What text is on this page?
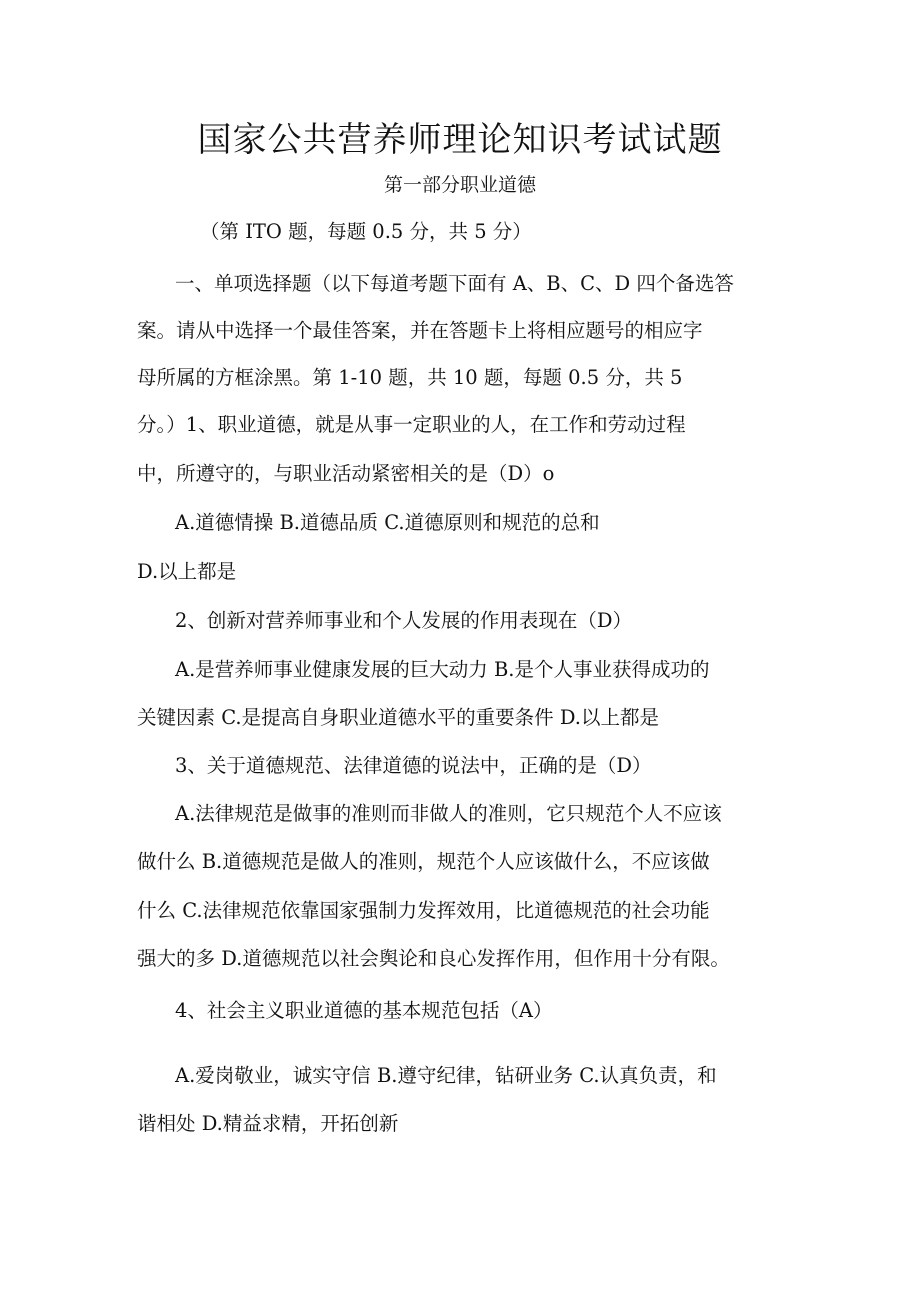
国家公共营养师理论知识考试试题

第一部分职业道德

（第 ITO 题，每题 0.5 分，共 5 分）

一、单项选择题（以下每道考题下面有 A、B、C、D 四个备选答

案。请从中选择一个最佳答案，并在答题卡上将相应题号的相应字

母所属的方框涂黑。第 1-10 题，共 10 题，每题 0.5 分，共 5

分。）1、职业道德，就是从事一定职业的人，在工作和劳动过程

中，所遵守的，与职业活动紧密相关的是（D）o

A.道德情操 B.道德品质 C.道德原则和规范的总和

D.以上都是

2、创新对营养师事业和个人发展的作用表现在（D）

A.是营养师事业健康发展的巨大动力 B.是个人事业获得成功的

关键因素 C.是提高自身职业道德水平的重要条件 D.以上都是

3、关于道德规范、法律道德的说法中，正确的是（D）

A.法律规范是做事的准则而非做人的准则，它只规范个人不应该

做什么 B.道德规范是做人的准则，规范个人应该做什么，不应该做

什么 C.法律规范依靠国家强制力发挥效用，比道德规范的社会功能

强大的多 D.道德规范以社会舆论和良心发挥作用，但作用十分有限。

4、社会主义职业道德的基本规范包括（A）

A.爱岗敬业，诚实守信 B.遵守纪律，钻研业务 C.认真负责，和

谐相处 D.精益求精，开拓创新
